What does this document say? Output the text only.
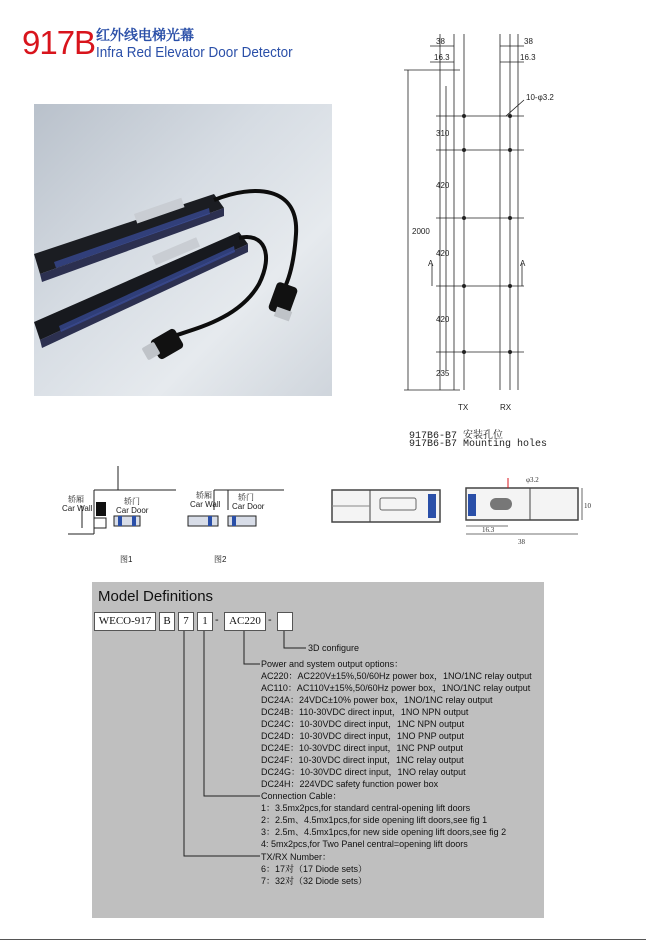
917B 红外线电梯光幕
Infra Red Elevator Door Detector
38
16.3
38
16.3
10-φ3.2
310
420
420
420
235
2000
A	A
TX	RX
917B6-B7 安装孔位
917B6-B7 Mounting holes
轿厢
Car Wall
轿门
Car Door
图1
轿厢
Car Wall
轿门
Car Door
图2
φ3.2
16.3
38
10
Model Definitions
WECO-917	B	7	1 - AC220 -
3D configure
Power and system output options：
AC220：AC220V±15%,50/60Hz power box，1NO/1NC relay output
AC110：AC110V±15%,50/60Hz power box，1NO/1NC relay output
DC24A：24VDC±10% power box，1NO/1NC relay output
DC24B：110-30VDC direct input，1NO NPN output
DC24C：10-30VDC direct input，1NC NPN output
DC24D：10-30VDC direct input，1NO PNP output
DC24E：10-30VDC direct input，1NC PNP output
DC24F：10-30VDC direct input，1NC relay output
DC24G：10-30VDC direct input，1NO relay output
DC24H：224VDC safety function power box
Connection Cable：
1：3.5mx2pcs,for standard central-opening lift doors
2：2.5m、4.5mx1pcs,for side opening lift doors,see fig 1
3：2.5m、4.5mx1pcs,for new side opening lift doors,see fig 2
4: 5mx2pcs,for Two Panel central=opening lift doors
TX/RX Number：
6：17对（17 Diode sets）
7：32对（32 Diode sets）
